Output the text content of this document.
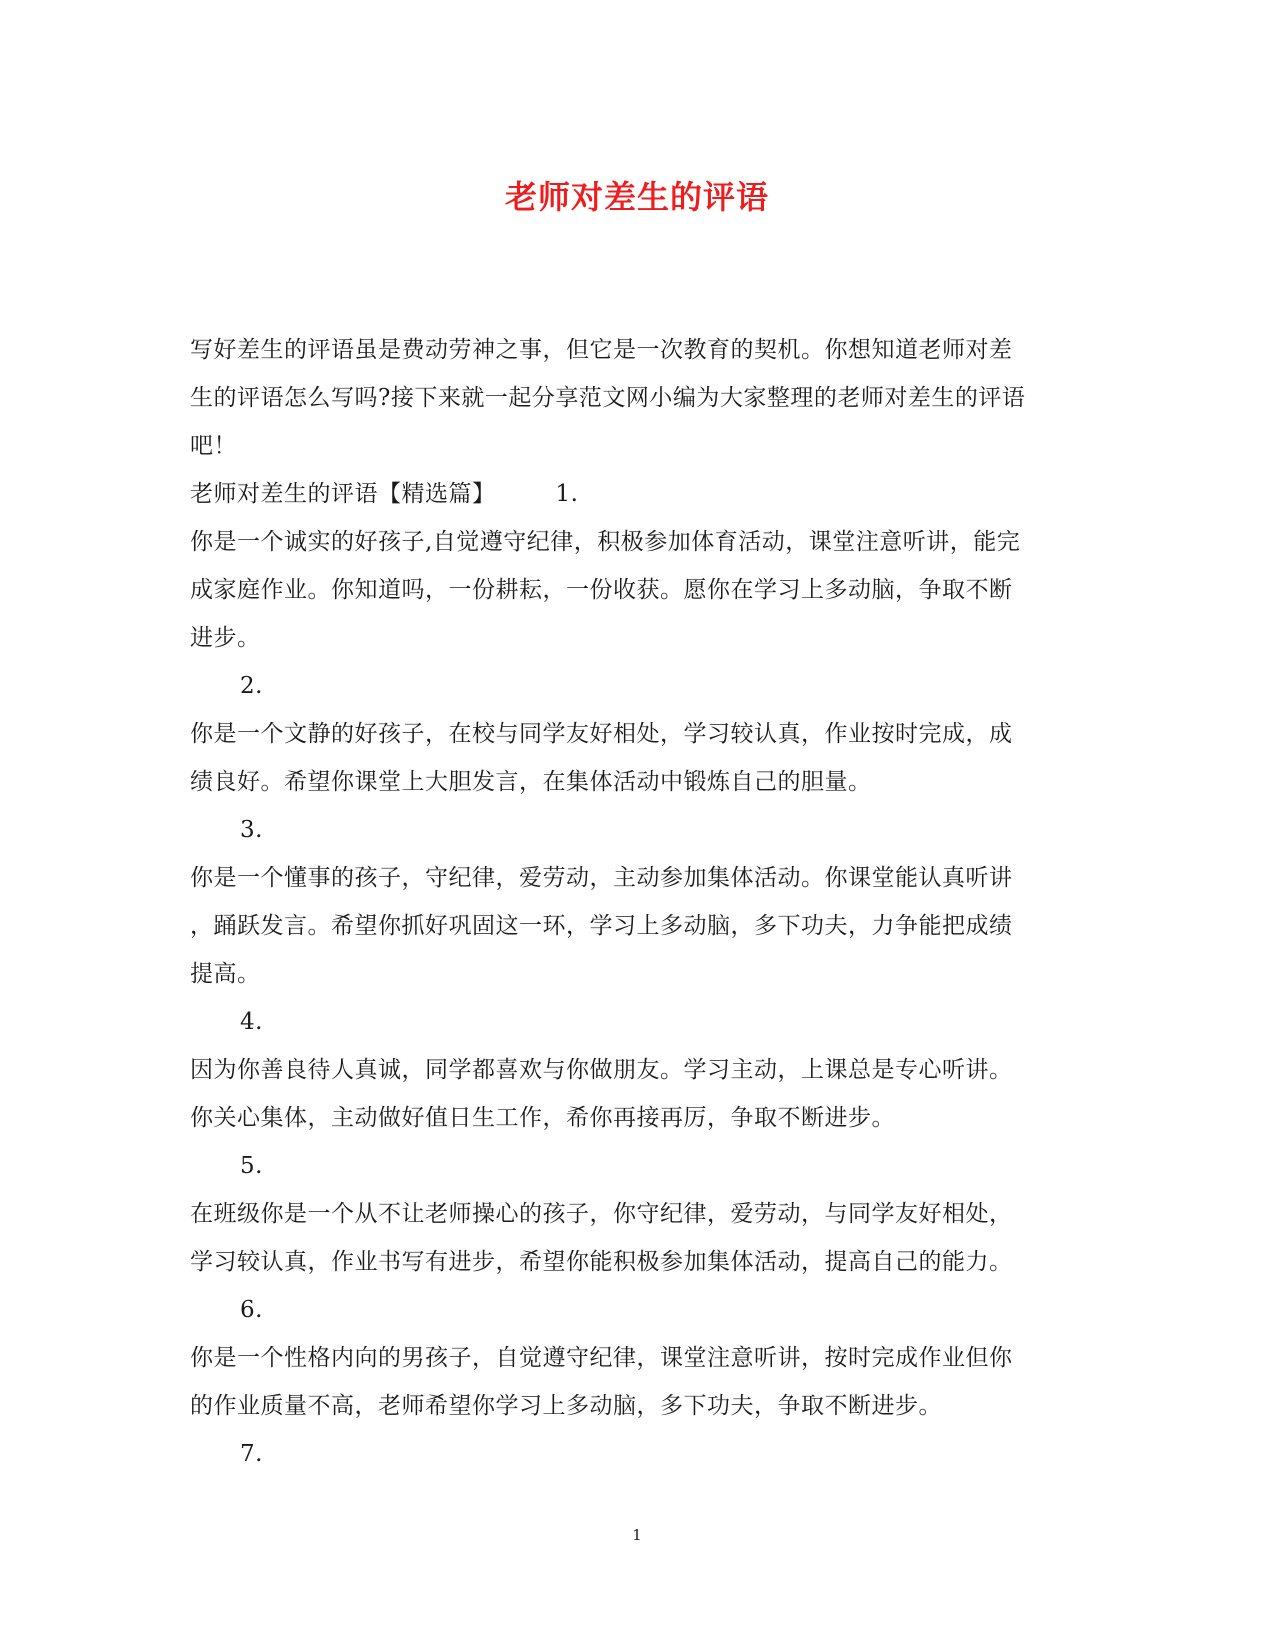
老师对差生的评语
写好差生的评语虽是费动劳神之事，但它是一次教育的契机。你想知道老师对差
生的评语怎么写吗?接下来就一起分享范文网小编为大家整理的老师对差生的评语
吧！
老师对差生的评语【精选篇】	1.
你是一个诚实的好孩子,自觉遵守纪律，积极参加体育活动，课堂注意听讲，能完
成家庭作业。你知道吗，一份耕耘，一份收获。愿你在学习上多动脑，争取不断
进步。
2.
你是一个文静的好孩子，在校与同学友好相处，学习较认真，作业按时完成，成
绩良好。希望你课堂上大胆发言，在集体活动中锻炼自己的胆量。
3.
你是一个懂事的孩子，守纪律，爱劳动，主动参加集体活动。你课堂能认真听讲
，踊跃发言。希望你抓好巩固这一环，学习上多动脑，多下功夫，力争能把成绩
提高。
4.
因为你善良待人真诚，同学都喜欢与你做朋友。学习主动，上课总是专心听讲。
你关心集体，主动做好值日生工作，希你再接再厉，争取不断进步。
5.
在班级你是一个从不让老师操心的孩子，你守纪律，爱劳动，与同学友好相处，
学习较认真，作业书写有进步，希望你能积极参加集体活动，提高自己的能力。
6.
你是一个性格内向的男孩子，自觉遵守纪律，课堂注意听讲，按时完成作业但你
的作业质量不高，老师希望你学习上多动脑，多下功夫，争取不断进步。
7.
1
